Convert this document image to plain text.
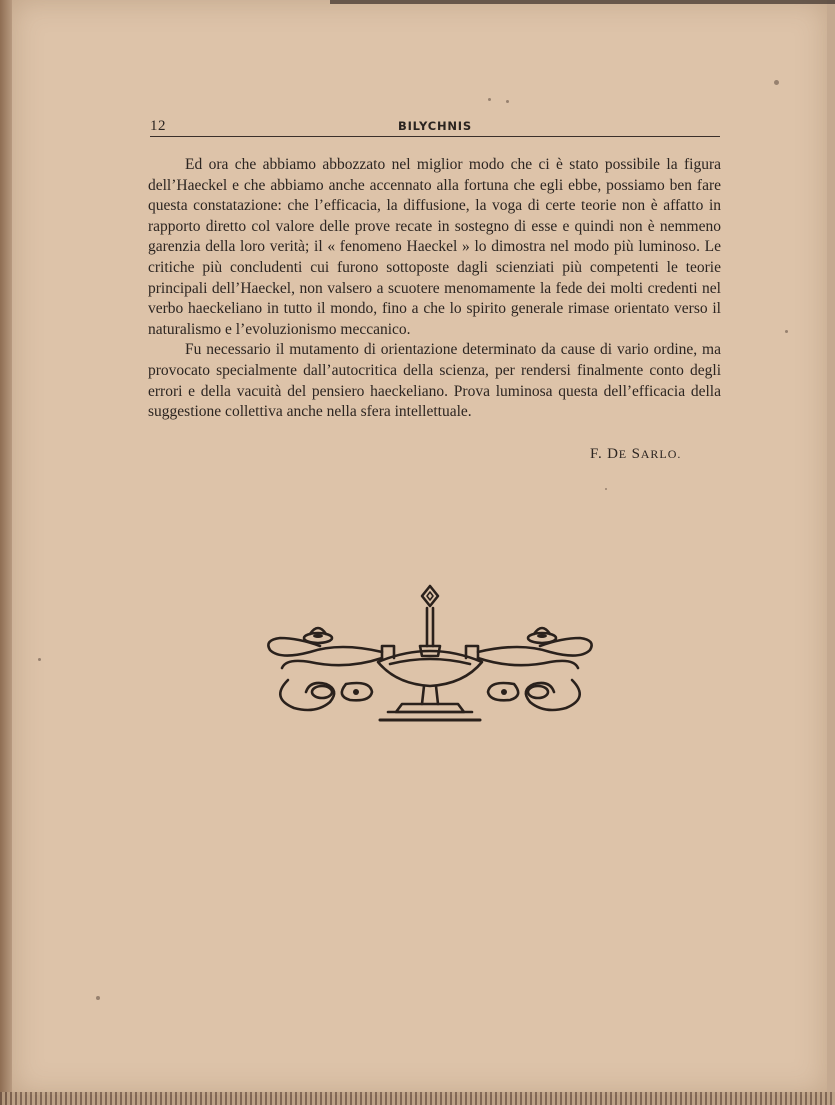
12	BILYCHNIS

Ed ora che abbiamo abbozzato nel miglior modo che ci è stato possibile la figura dell’Haeckel e che abbiamo anche accennato alla fortuna che egli ebbe, possiamo ben fare questa constatazione: che l’efficacia, la diffusione, la voga di certe teorie non è affatto in rapporto diretto col valore delle prove recate in sostegno di esse e quindi non è nemmeno garenzia della loro verità; il « fenomeno Haeckel » lo dimostra nel modo più luminoso. Le critiche più concludenti cui furono sottoposte dagli scienziati più competenti le teorie principali dell’Haeckel, non valsero a scuotere menomamente la fede dei molti credenti nel verbo haeckeliano in tutto il mondo, fino a che lo spirito generale rimase orientato verso il naturalismo e l’evoluzionismo meccanico.

Fu necessario il mutamento di orientazione determinato da cause di vario ordine, ma provocato specialmente dall’autocritica della scienza, per rendersi finalmente conto degli errori e della vacuità del pensiero haeckeliano. Prova luminosa questa dell’efficacia della suggestione collettiva anche nella sfera intellettuale.

F. DE SARLO.
